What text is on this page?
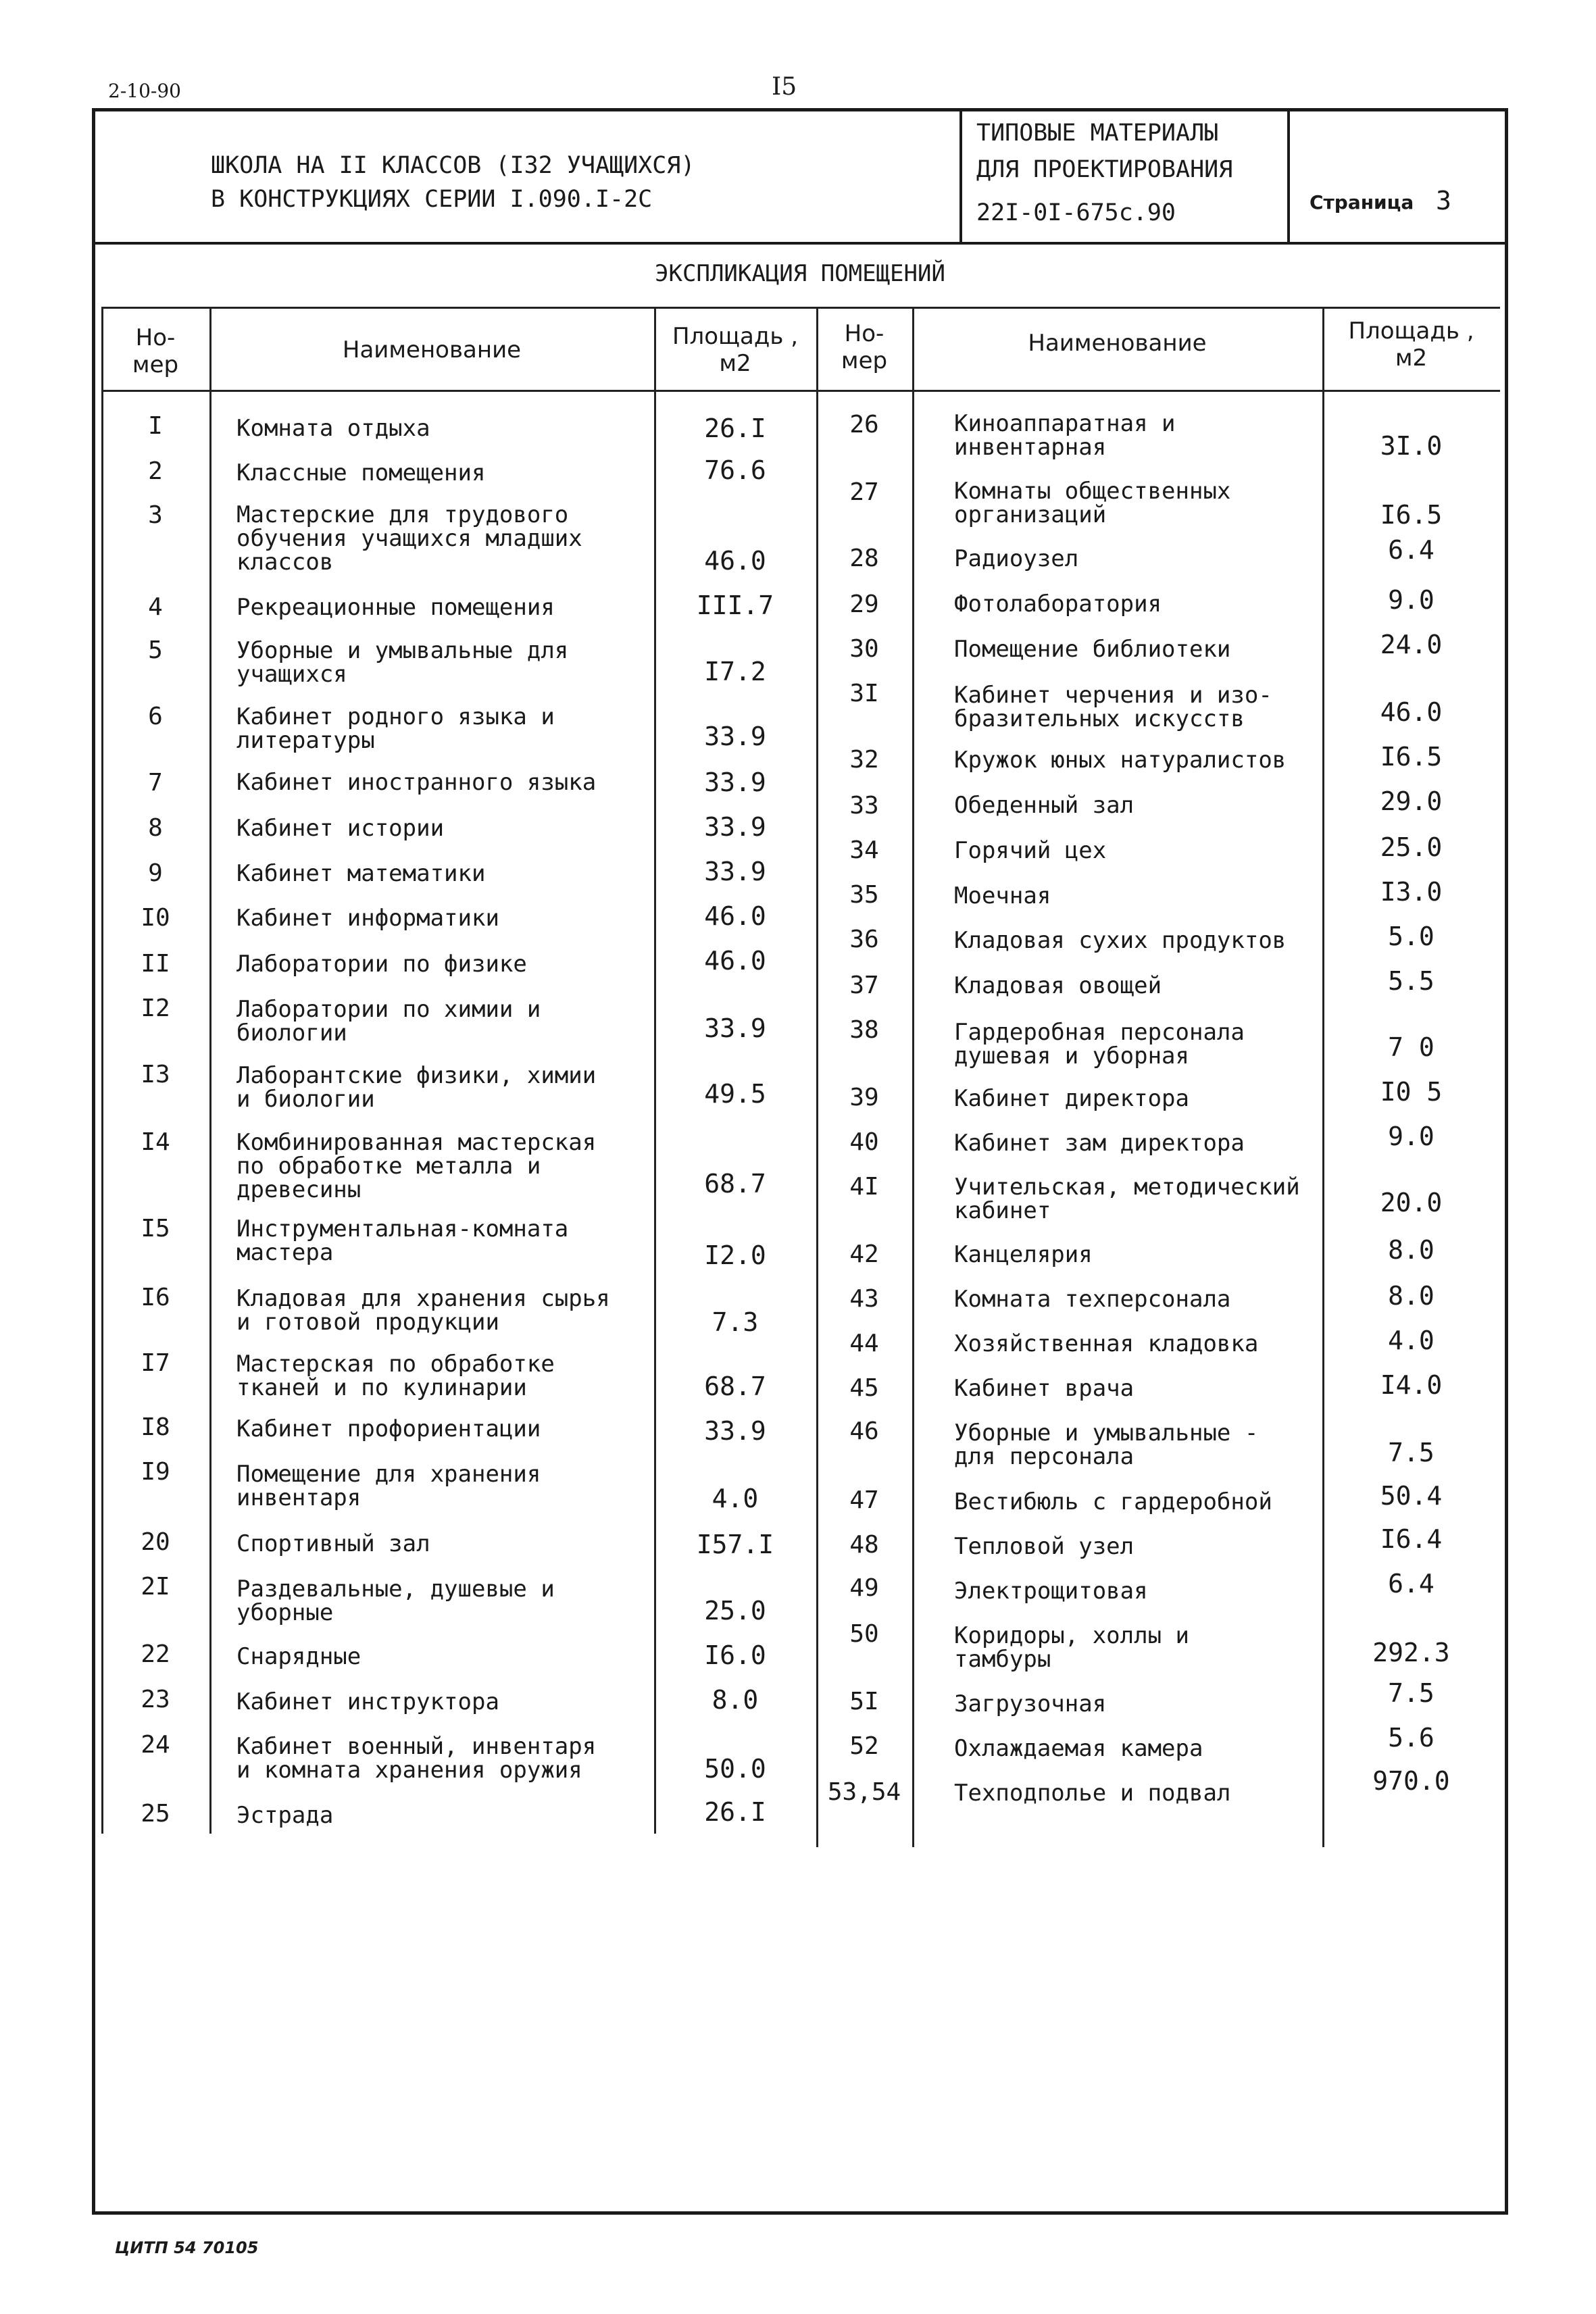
2-10-90	I5
ШКОЛА НА II КЛАССОВ (I32 УЧАЩИХСЯ)
В КОНСТРУКЦИЯХ СЕРИИ I.090.I-2С
ТИПОВЫЕ МАТЕРИАЛЫ
ДЛЯ ПРОЕКТИРОВАНИЯ
22I-0I-675с.90	Страница 3
ЭКСПЛИКАЦИЯ ПОМЕЩЕНИЙ
Но-
мер
Наименование	Площадь ,
м2
Но-
мер
Наименование	Площадь ,
м2
I	Комната отдыха	26.I
2	Классные помещения	76.6
3	Мастерские для трудового
обучения учащихся младших
классов	46.0
4	Рекреационные помещения	III.7
5	Уборные и умывальные для
учащихся	I7.2
6	Кабинет родного языка и
литературы	33.9
7	Кабинет иностранного языка	33.9
8	Кабинет истории	33.9
9	Кабинет математики	33.9
I0	Кабинет информатики	46.0
II	Лаборатории по физике	46.0
I2	Лаборатории по химии и
биологии	33.9
I3	Лаборантские физики, химии
и биологии	49.5
I4	Комбинированная мастерская
по обработке металла и
древесины	68.7
I5	Инструментальная-комната
мастера	I2.0
I6	Кладовая для хранения сырья
и готовой продукции	7.3
I7	Мастерская по обработке
тканей и по кулинарии	68.7
I8	Кабинет профориентации	33.9
I9	Помещение для хранения
инвентаря	4.0
20	Спортивный зал	I57.I
2I	Раздевальные, душевые и
уборные	25.0
22	Снарядные	I6.0
23	Кабинет инструктора	8.0
24	Кабинет военный, инвентаря
и комната хранения оружия	50.0
25	Эстрада	26.I
26	Киноаппаратная и
инвентарная	3I.0
27	Комнаты общественных
организаций	I6.5
28	Радиоузел	6.4
29	Фотолаборатория	9.0
30	Помещение библиотеки	24.0
3I	Кабинет черчения и изо-
бразительных искусств	46.0
32	Кружок юных натуралистов	I6.5
33	Обеденный зал	29.0
34	Горячий цех	25.0
35	Моечная	I3.0
36	Кладовая сухих продуктов	5.0
37	Кладовая овощей	5.5
38	Гардеробная персонала
душевая и уборная	7 0
39	Кабинет директора	I0 5
40	Кабинет зам директора	9.0
4I	Учительская, методический
кабинет	20.0
42	Канцелярия	8.0
43	Комната техперсонала	8.0
44	Хозяйственная кладовка	4.0
45	Кабинет врача	I4.0
46	Уборные и умывальные -
для персонала	7.5
47	Вестибюль с гардеробной	50.4
48	Тепловой узел	I6.4
49	Электрощитовая	6.4
50	Коридоры, холлы и
тамбуры	292.3
5I	Загрузочная	7.5
52	Охлаждаемая камера	5.6
53,54	Техподполье и подвал	970.0
ЦИТП 54 70105
